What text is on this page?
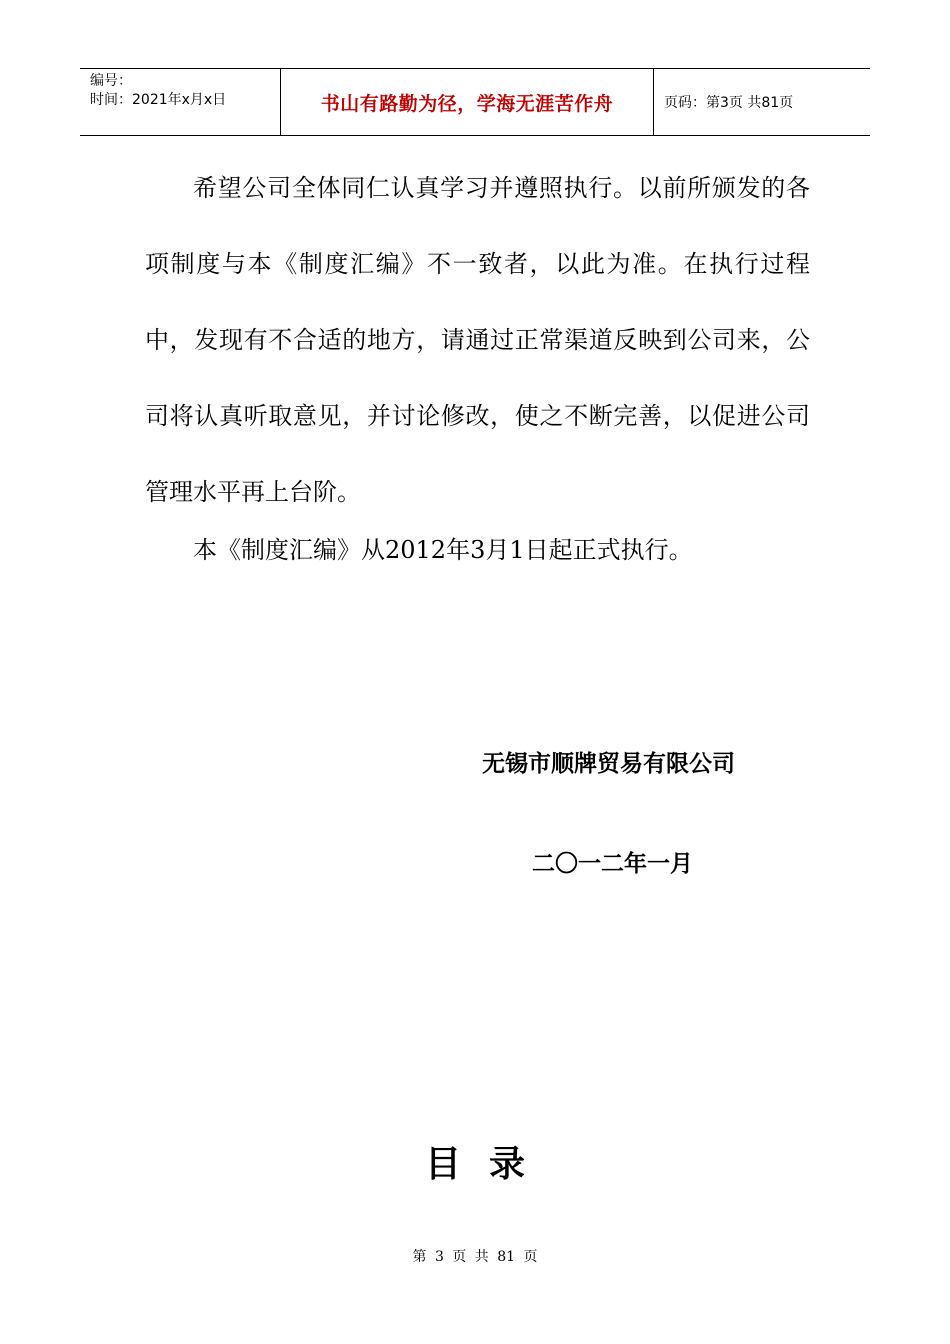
编号：
时间：2021年x月x日	书山有路勤为径，学海无涯苦作舟	页码：第3页 共81页
希望公司全体同仁认真学习并遵照执行。以前所颁发的各项制度与本《制度汇编》不一致者，以此为准。在执行过程中，发现有不合适的地方，请通过正常渠道反映到公司来，公司将认真听取意见，并讨论修改，使之不断完善，以促进公司管理水平再上台阶。
本《制度汇编》从2012年3月1日起正式执行。
无锡市顺牌贸易有限公司
二〇一二年一月
目录
第 3 页 共 81 页
